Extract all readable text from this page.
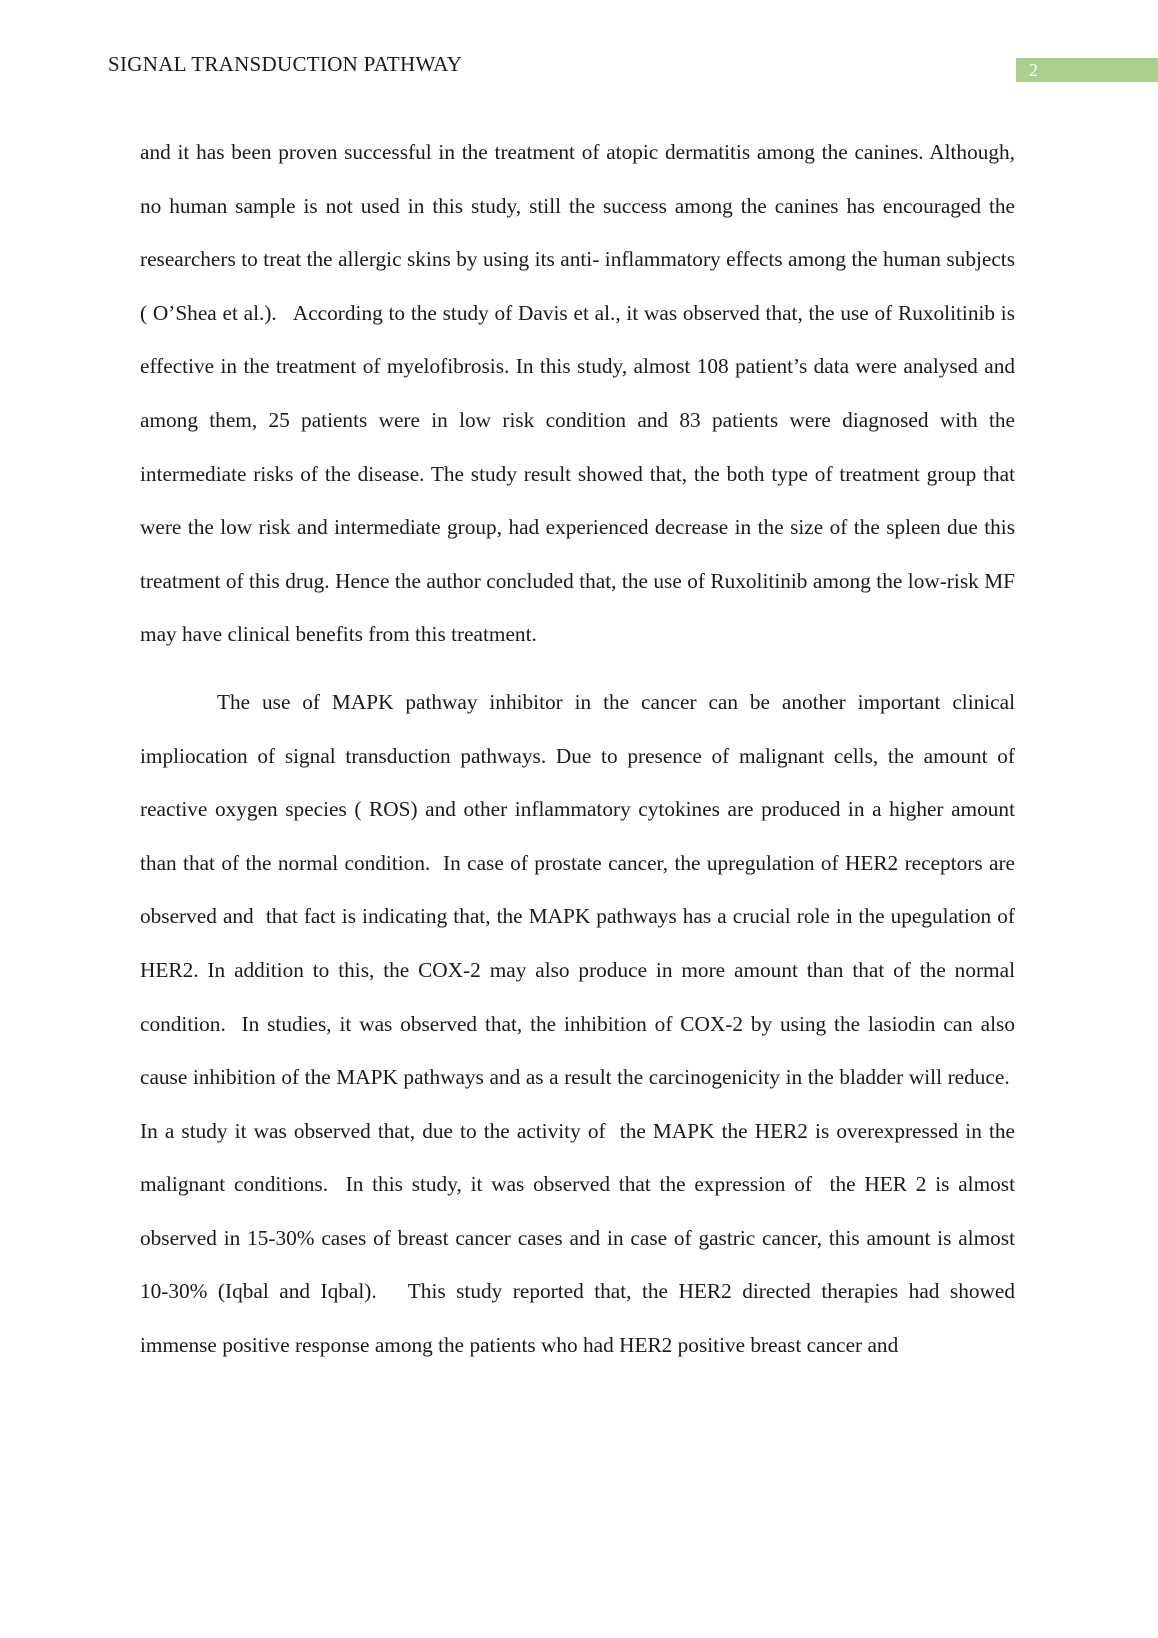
SIGNAL TRANSDUCTION PATHWAY	2

and it has been proven successful in the treatment of atopic dermatitis among the canines. Although, no human sample is not used in this study, still the success among the canines has encouraged the researchers to treat the allergic skins by using its anti- inflammatory effects among the human subjects ( O’Shea et al.).   According to the study of Davis et al., it was observed that, the use of Ruxolitinib is effective in the treatment of myelofibrosis. In this study, almost 108 patient’s data were analysed and among them, 25 patients were in low risk condition and 83 patients were diagnosed with the intermediate risks of the disease. The study result showed that, the both type of treatment group that were the low risk and intermediate group, had experienced decrease in the size of the spleen due this treatment of this drug. Hence the author concluded that, the use of Ruxolitinib among the low-risk MF may have clinical benefits from this treatment.

The use of MAPK pathway inhibitor in the cancer can be another important clinical impliocation of signal transduction pathways. Due to presence of malignant cells, the amount of reactive oxygen species ( ROS) and other inflammatory cytokines are produced in a higher amount than that of the normal condition.  In case of prostate cancer, the upregulation of HER2 receptors are observed and  that fact is indicating that, the MAPK pathways has a crucial role in the upegulation of HER2. In addition to this, the COX-2 may also produce in more amount than that of the normal condition.  In studies, it was observed that, the inhibition of COX-2 by using the lasiodin can also cause inhibition of the MAPK pathways and as a result the carcinogenicity in the bladder will reduce.  In a study it was observed that, due to the activity of  the MAPK the HER2 is overexpressed in the malignant conditions.  In this study, it was observed that the expression of  the HER 2 is almost observed in 15-30% cases of breast cancer cases and in case of gastric cancer, this amount is almost 10-30% (Iqbal and Iqbal).   This study reported that, the HER2 directed therapies had showed immense positive response among the patients who had HER2 positive breast cancer and
